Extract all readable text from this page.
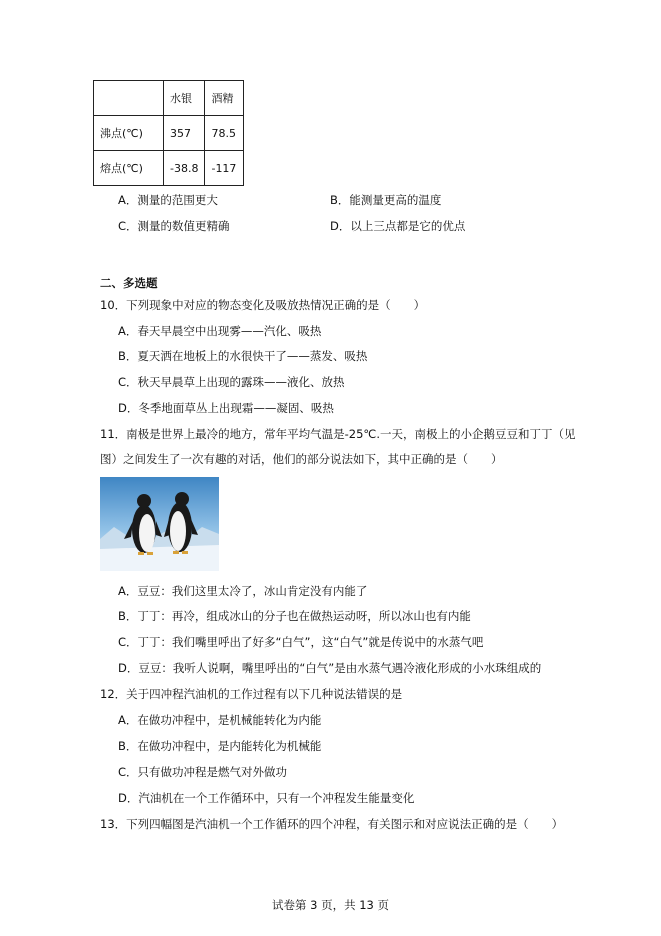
	水银	酒精
沸点(℃)	357	78.5
熔点(℃)	-38.8	-117
A．测量的范围更大	B．能测量更高的温度
C．测量的数值更精确	D．以上三点都是它的优点
二、多选题
10．下列现象中对应的物态变化及吸放热情况正确的是（　　）
A．春天早晨空中出现雾——汽化、吸热
B．夏天洒在地板上的水很快干了——蒸发、吸热
C．秋天早晨草上出现的露珠——液化、放热
D．冬季地面草丛上出现霜——凝固、吸热
11．南极是世界上最冷的地方，常年平均气温是-25℃.一天，南极上的小企鹅豆豆和丁丁（见
图）之间发生了一次有趣的对话，他们的部分说法如下，其中正确的是（　　）
A．豆豆：我们这里太冷了，冰山肯定没有内能了
B．丁丁：再冷，组成冰山的分子也在做热运动呀，所以冰山也有内能
C．丁丁：我们嘴里呼出了好多“白气”，这“白气”就是传说中的水蒸气吧
D．豆豆：我听人说啊，嘴里呼出的“白气”是由水蒸气遇冷液化形成的小水珠组成的
12．关于四冲程汽油机的工作过程有以下几种说法错误的是
A．在做功冲程中，是机械能转化为内能
B．在做功冲程中，是内能转化为机械能
C．只有做功冲程是燃气对外做功
D．汽油机在一个工作循环中，只有一个冲程发生能量变化
13．下列四幅图是汽油机一个工作循环的四个冲程，有关图示和对应说法正确的是（　　）
试卷第 3 页，共 13 页
